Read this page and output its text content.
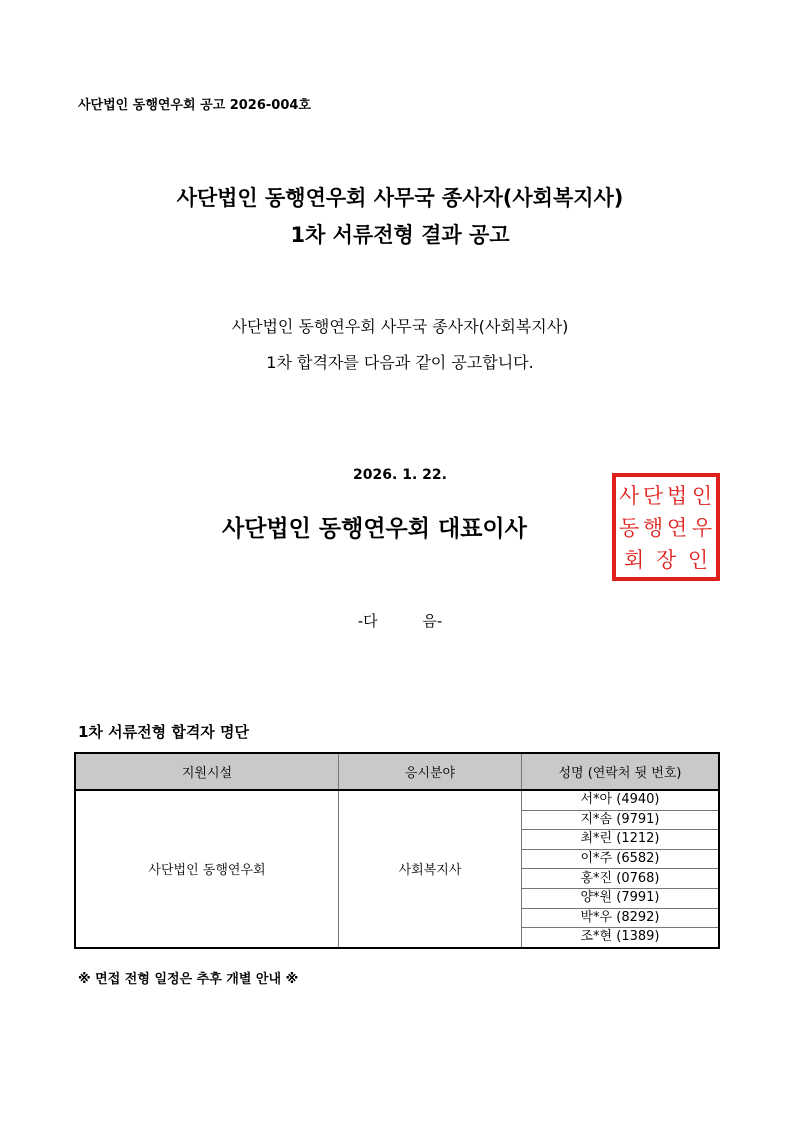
사단법인 동행연우회 공고 2026-004호
사단법인 동행연우회 사무국 종사자(사회복지사)
1차 서류전형 결과 공고
사단법인 동행연우회 사무국 종사자(사회복지사)
1차 합격자를 다음과 같이 공고합니다.
2026. 1. 22.
사단법인 동행연우회 대표이사
사 단 법 인
동 행 연 우
회 장 인
-다 음-
1차 서류전형 합격자 명단
지원시설	응시분야	성명 (연락처 뒷 번호)
사단법인 동행연우회	사회복지사	서*아 (4940)
		지*솜 (9791)
		최*린 (1212)
		이*주 (6582)
		홍*진 (0768)
		양*원 (7991)
		박*우 (8292)
		조*현 (1389)
※ 면접 전형 일정은 추후 개별 안내 ※
